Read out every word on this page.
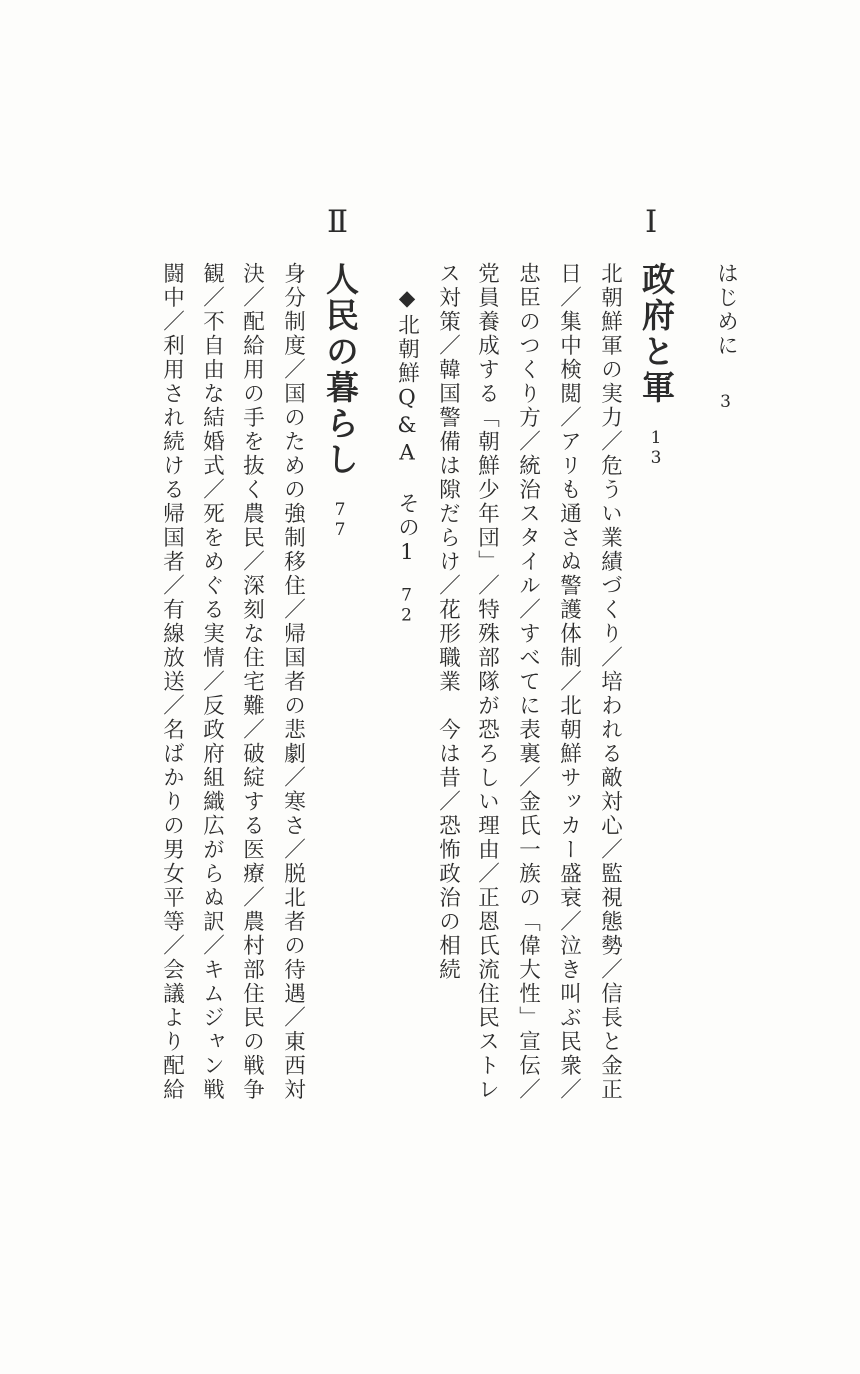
はじめに3
Ⅰ
政府と軍13
北朝鮮軍の実力／危うい業績づくり／培われる敵対心／監視態勢／信長と金正
日／集中検閲／アリも通さぬ警護体制／北朝鮮サッカー盛衰／泣き叫ぶ民衆／
忠臣のつくり方／統治スタイル／すべてに表裏／金氏一族の「偉大性」宣伝／
党員養成する「朝鮮少年団」／特殊部隊が恐ろしい理由／正恩氏流住民ストレ
ス対策／韓国警備は隙だらけ／花形職業　今は昔／恐怖政治の相続
◆北朝鮮Q&A　その172
Ⅱ
人民の暮らし77
身分制度／国のための強制移住／帰国者の悲劇／寒さ／脱北者の待遇／東西対
決／配給用の手を抜く農民／深刻な住宅難／破綻する医療／農村部住民の戦争
観／不自由な結婚式／死をめぐる実情／反政府組織広がらぬ訳／キムジャン戦
闘中／利用され続ける帰国者／有線放送／名ばかりの男女平等／会議より配給
